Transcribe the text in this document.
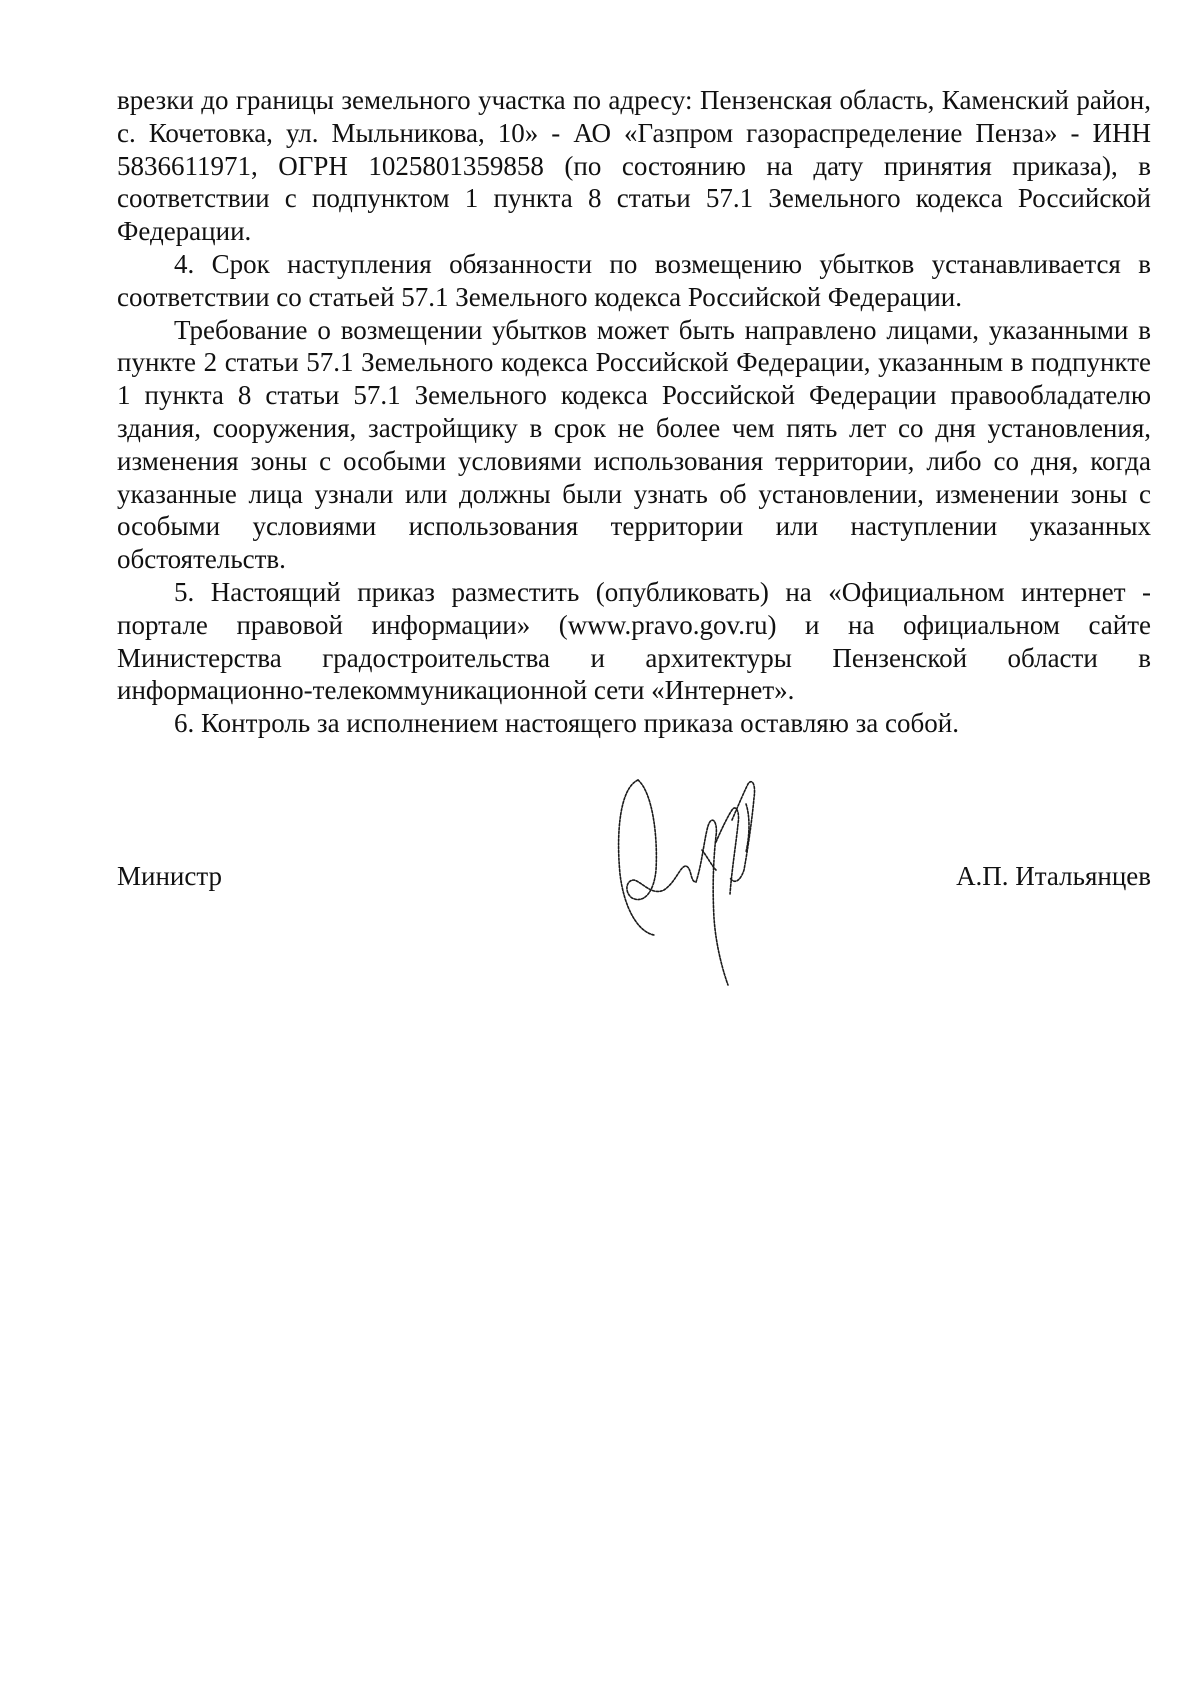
врезки до границы земельного участка по адресу: Пензенская область, Каменский район, с. Кочетовка, ул. Мыльникова, 10» - АО «Газпром газораспределение Пенза» - ИНН 5836611971, ОГРН 1025801359858 (по состоянию на дату принятия приказа), в соответствии с подпунктом 1 пункта 8 статьи 57.1 Земельного кодекса Российской Федерации.

4. Срок наступления обязанности по возмещению убытков устанавливается в соответствии со статьей 57.1 Земельного кодекса Российской Федерации.

Требование о возмещении убытков может быть направлено лицами, указанными в пункте 2 статьи 57.1 Земельного кодекса Российской Федерации, указанным в подпункте 1 пункта 8 статьи 57.1 Земельного кодекса Российской Федерации правообладателю здания, сооружения, застройщику в срок не более чем пять лет со дня установления, изменения зоны с особыми условиями использования территории, либо со дня, когда указанные лица узнали или должны были узнать об установлении, изменении зоны с особыми условиями использования территории или наступлении указанных обстоятельств.

5. Настоящий приказ разместить (опубликовать) на «Официальном интернет - портале правовой информации» (www.pravo.gov.ru) и на официальном сайте Министерства градостроительства и архитектуры Пензенской области в информационно-телекоммуникационной сети «Интернет».

6. Контроль за исполнением настоящего приказа оставляю за собой.

Министр	А.П. Итальянцев
